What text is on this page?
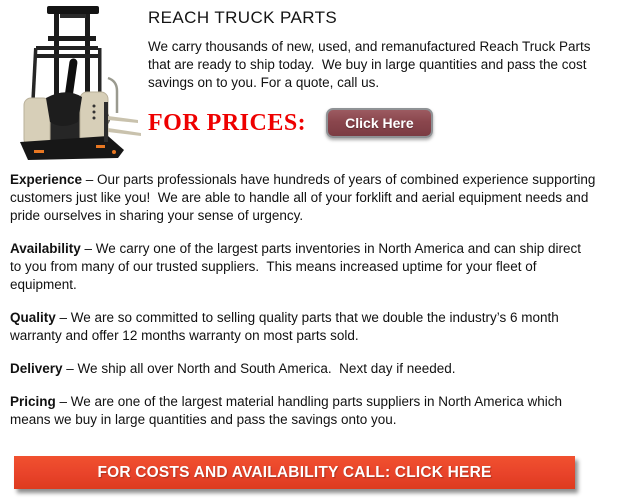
REACH TRUCK PARTS

We carry thousands of new, used, and remanufactured Reach Truck Parts that are ready to ship today.  We buy in large quantities and pass the cost savings on to you. For a quote, call us.

FOR PRICES:	Click Here

Experience – Our parts professionals have hundreds of years of combined experience supporting customers just like you!  We are able to handle all of your forklift and aerial equipment needs and pride ourselves in sharing your sense of urgency.

Availability – We carry one of the largest parts inventories in North America and can ship direct to you from many of our trusted suppliers.  This means increased uptime for your fleet of equipment.

Quality – We are so committed to selling quality parts that we double the industry’s 6 month warranty and offer 12 months warranty on most parts sold.

Delivery – We ship all over North and South America.  Next day if needed.

Pricing – We are one of the largest material handling parts suppliers in North America which means we buy in large quantities and pass the savings onto you.

FOR COSTS AND AVAILABILITY CALL: CLICK HERE
